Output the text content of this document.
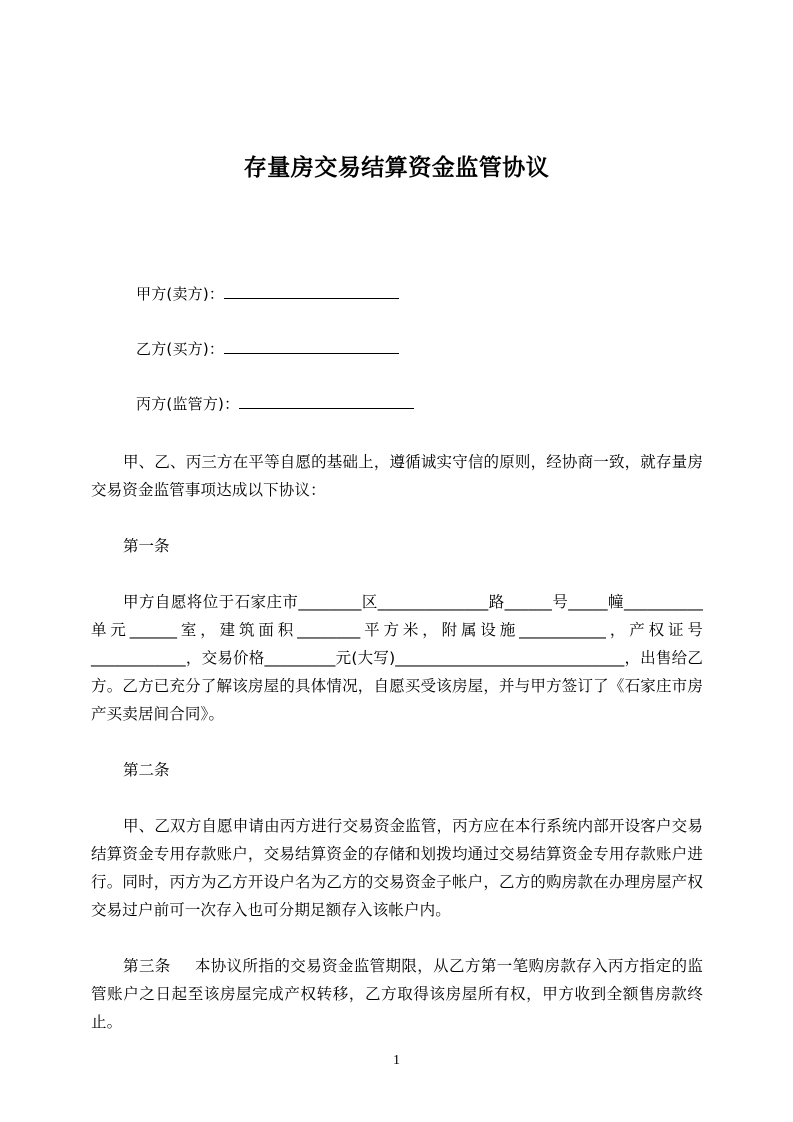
存量房交易结算资金监管协议

甲方(卖方)：

乙方(买方)：

丙方(监管方)：

甲、乙、丙三方在平等自愿的基础上，遵循诚实守信的原则，经协商一致，就存量房交易资金监管事项达成以下协议：

第一条

甲方自愿将位于石家庄市________区______________路______号_____幢__________单元______室，建筑面积________平方米，附属设施___________，产权证号____________，交易价格_________元(大写)_____________________________，出售给乙方。乙方已充分了解该房屋的具体情况，自愿买受该房屋，并与甲方签订了《石家庄市房产买卖居间合同》。

第二条

甲、乙双方自愿申请由丙方进行交易资金监管，丙方应在本行系统内部开设客户交易结算资金专用存款账户，交易结算资金的存储和划拨均通过交易结算资金专用存款账户进行。同时，丙方为乙方开设户名为乙方的交易资金子帐户，乙方的购房款在办理房屋产权交易过户前可一次存入也可分期足额存入该帐户内。

第三条 本协议所指的交易资金监管期限，从乙方第一笔购房款存入丙方指定的监管账户之日起至该房屋完成产权转移，乙方取得该房屋所有权，甲方收到全额售房款终止。

1
